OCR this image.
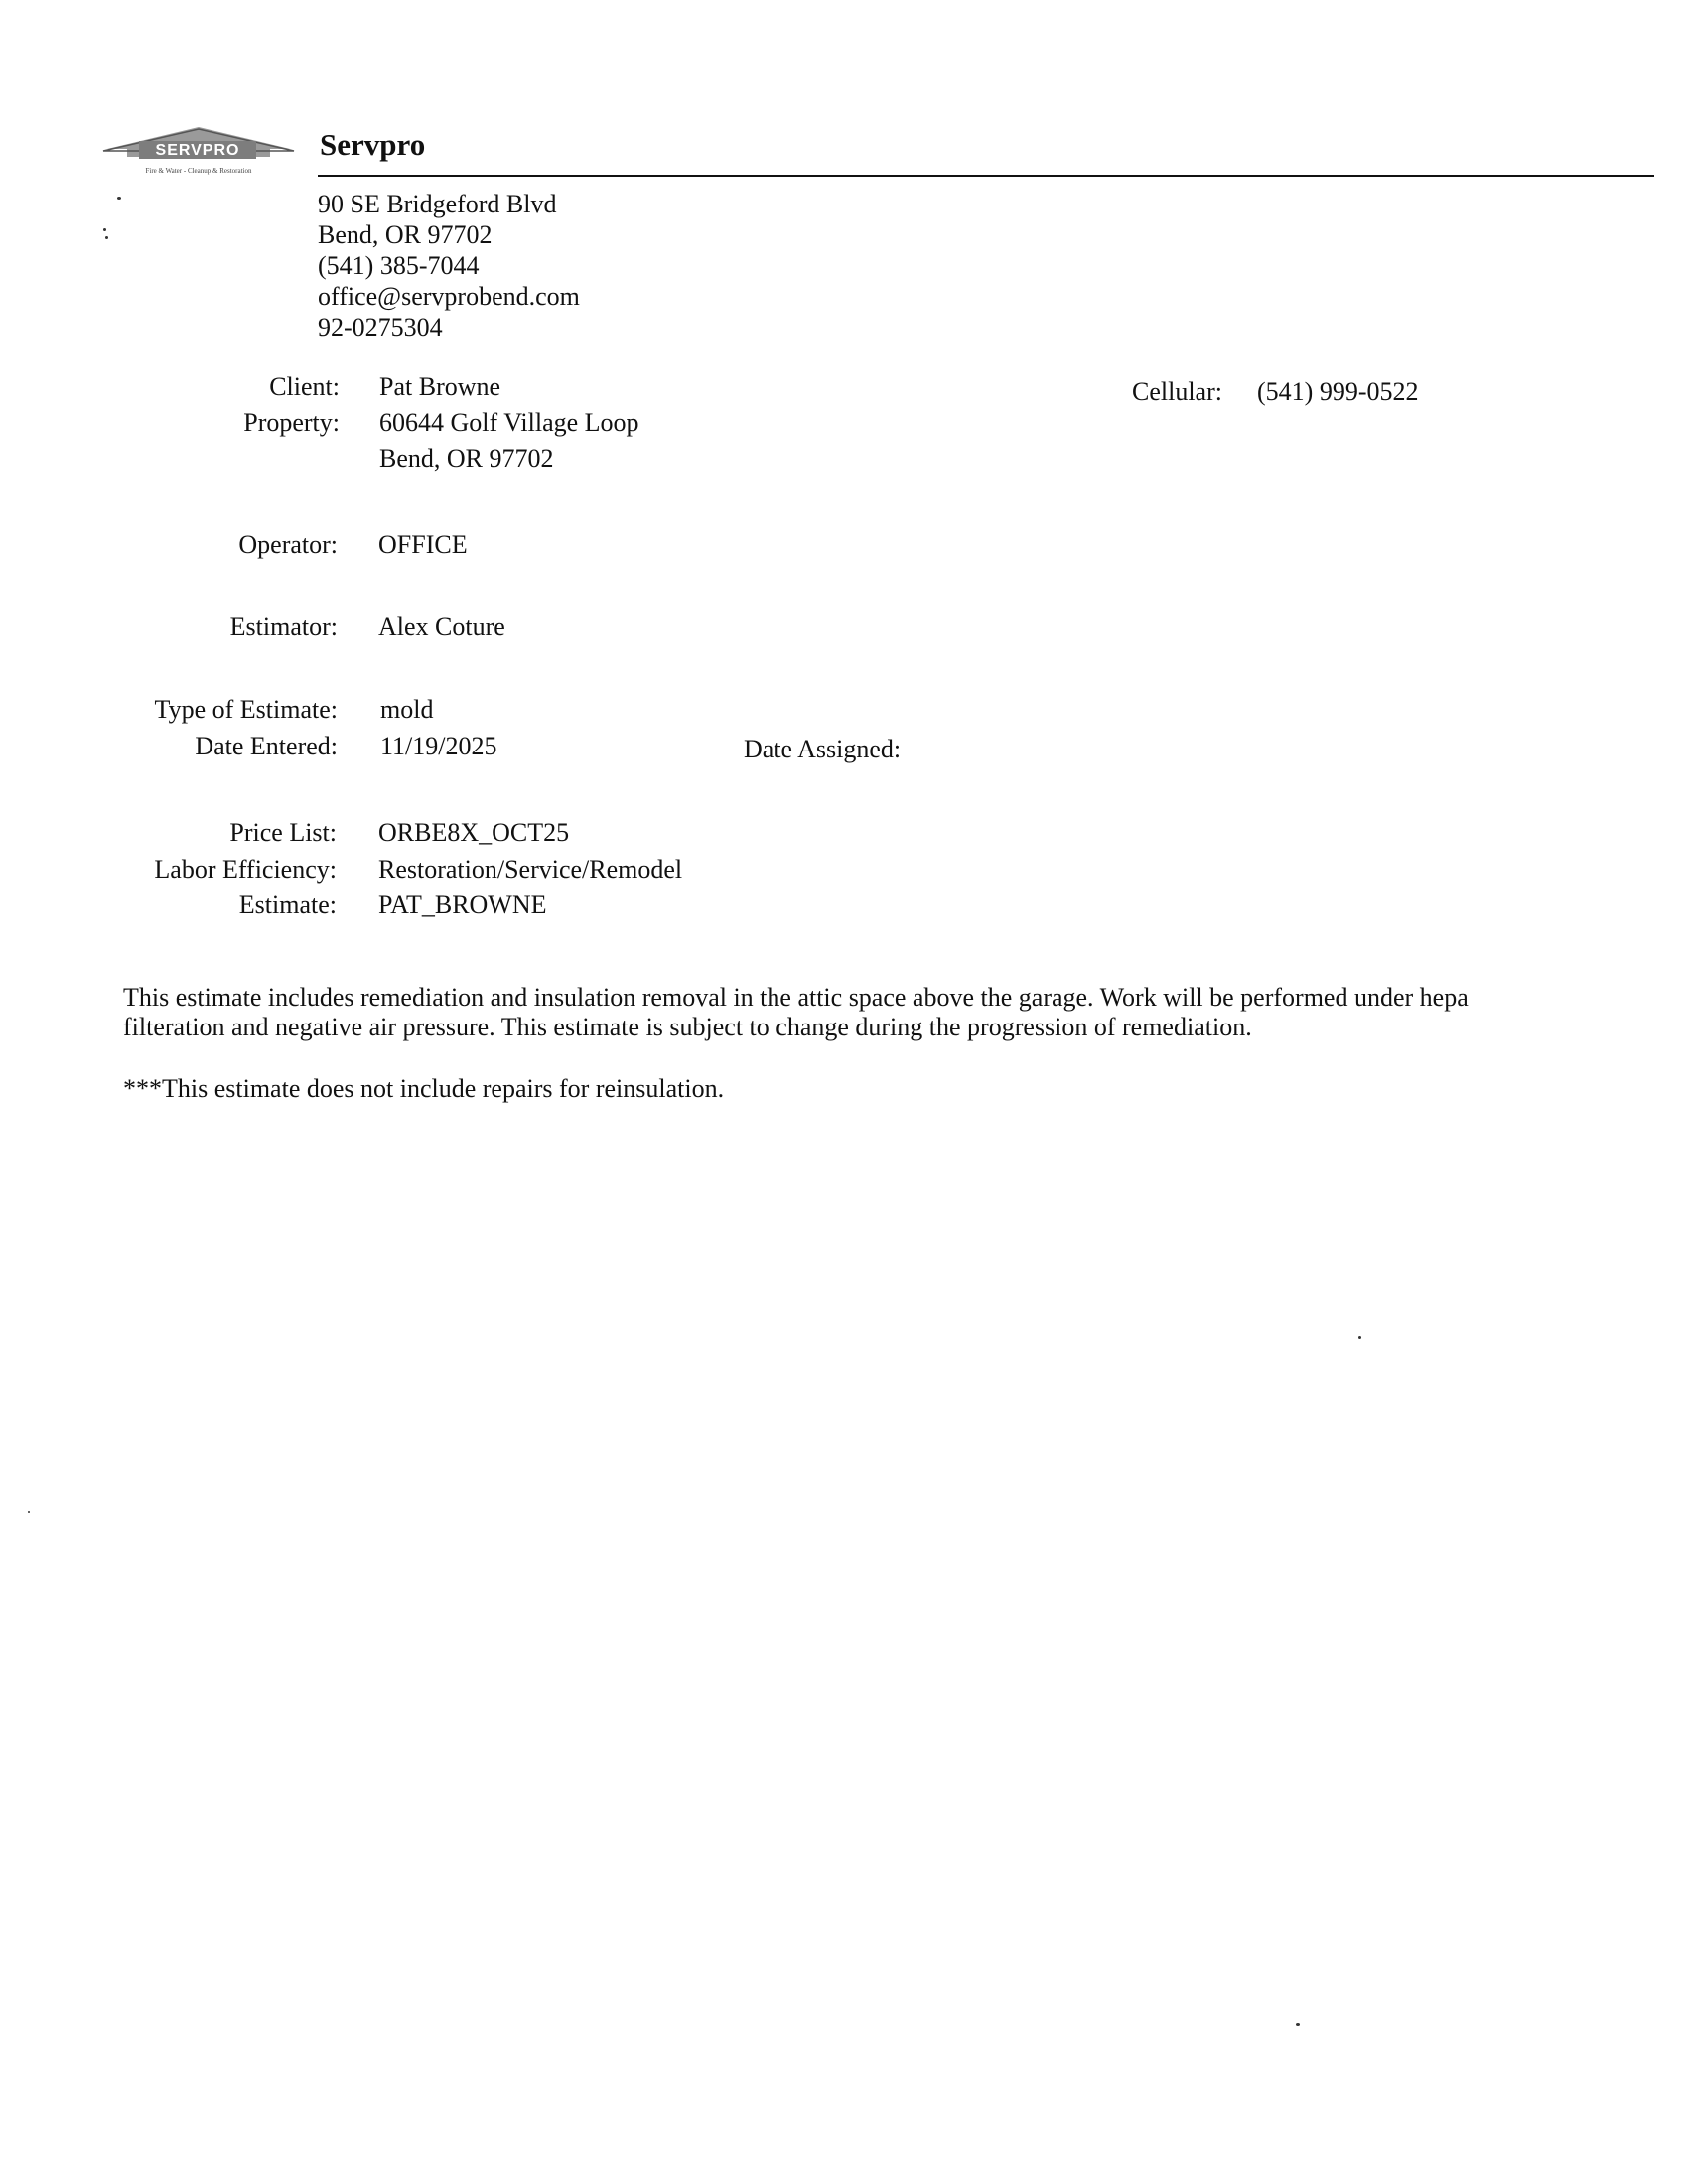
SERVPRO
Fire & Water - Cleanup & Restoration
Servpro
90 SE Bridgeford Blvd
Bend, OR 97702
(541) 385-7044
office@servprobend.com
92-0275304
Client: Pat Browne	Cellular: (541) 999-0522
Property: 60644 Golf Village Loop
Bend, OR 97702
Operator: OFFICE
Estimator: Alex Coture
Type of Estimate: mold
Date Entered: 11/19/2025	Date Assigned:
Price List: ORBE8X_OCT25
Labor Efficiency: Restoration/Service/Remodel
Estimate: PAT_BROWNE
This estimate includes remediation and insulation removal in the attic space above the garage. Work will be performed under hepa filteration and negative air pressure. This estimate is subject to change during the progression of remediation.
***This estimate does not include repairs for reinsulation.
